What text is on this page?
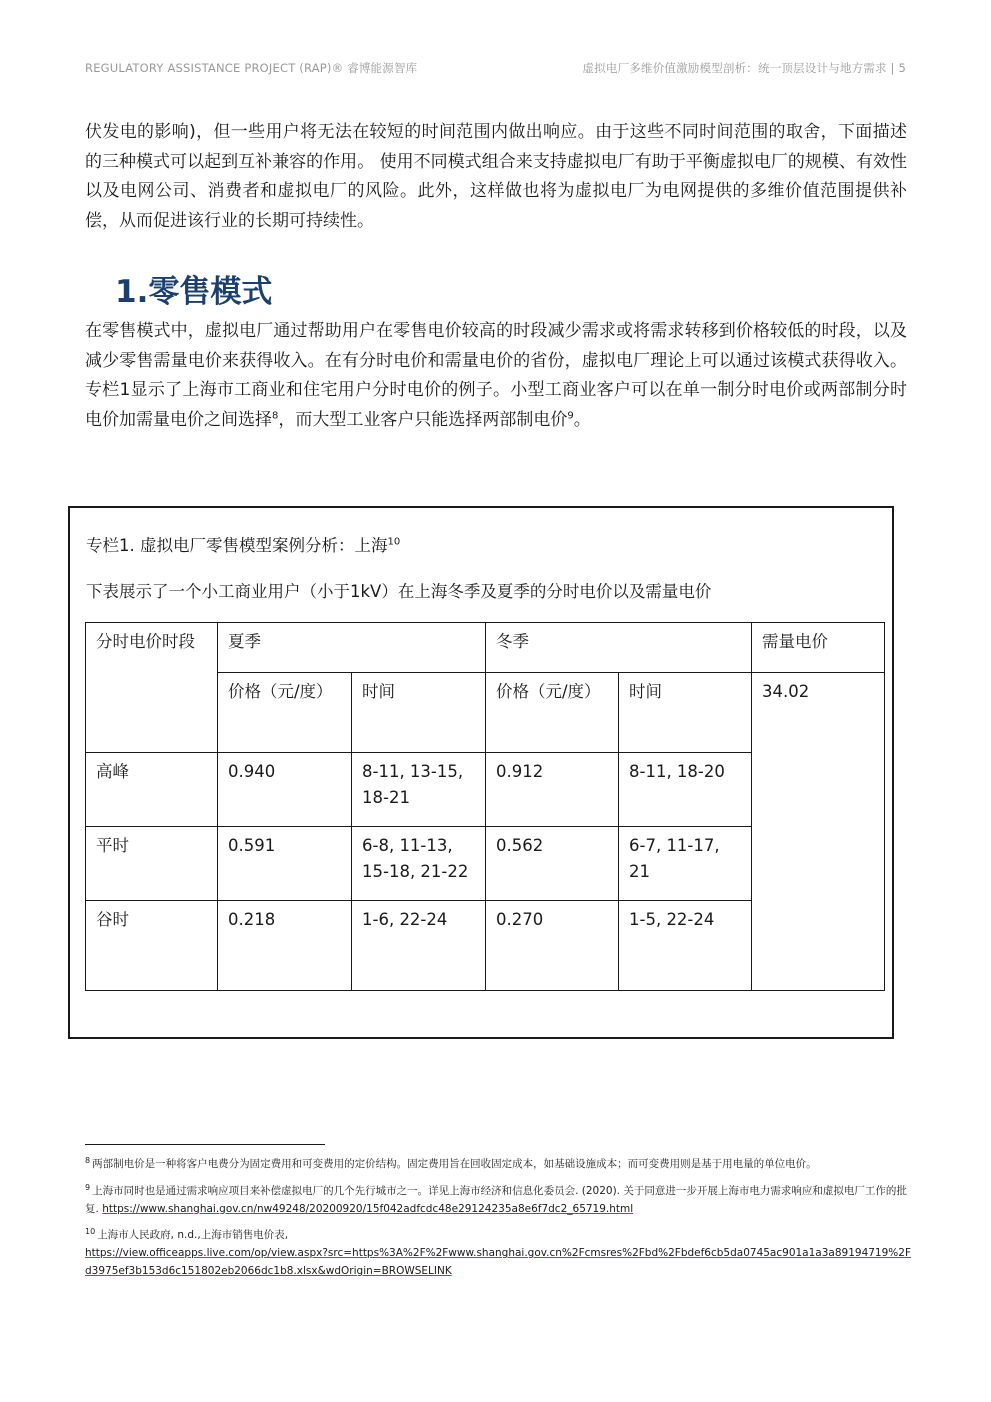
REGULATORY ASSISTANCE PROJECT (RAP)® 睿博能源智库	虚拟电厂多维价值激励模型剖析：统一顶层设计与地方需求 | 5

伏发电的影响)，但一些用户将无法在较短的时间范围内做出响应。由于这些不同时间范围的取舍，下面描述的三种模式可以起到互补兼容的作用。 使用不同模式组合来支持虚拟电厂有助于平衡虚拟电厂的规模、有效性以及电网公司、消费者和虚拟电厂的风险。此外，这样做也将为虚拟电厂为电网提供的多维价值范围提供补偿，从而促进该行业的长期可持续性。

1.零售模式

在零售模式中，虚拟电厂通过帮助用户在零售电价较高的时段减少需求或将需求转移到价格较低的时段，以及减少零售需量电价来获得收入。在有分时电价和需量电价的省份，虚拟电厂理论上可以通过该模式获得收入。专栏1显示了上海市工商业和住宅用户分时电价的例子。小型工商业客户可以在单一制分时电价或两部制分时电价加需量电价之间选择$^8$，而大型工业客户只能选择两部制电价$^9$。

专栏1. 虚拟电厂零售模型案例分析：上海$^{10}$
下表展示了一个小工商业用户（小于1kV）在上海冬季及夏季的分时电价以及需量电价
分时电价时段	夏季		冬季		需量电价
	价格（元/度）	时间	价格（元/度）	时间	34.02
高峰	0.940	8-11, 13-15, 18-21	0.912	8-11, 18-20	
平时	0.591	6-8, 11-13, 15-18, 21-22	0.562	6-7, 11-17, 21	
谷时	0.218	1-6, 22-24	0.270	1-5, 22-24	

$^8$ 两部制电价是一种将客户电费分为固定费用和可变费用的定价结构。固定费用旨在回收固定成本，如基础设施成本；而可变费用则是基于用电量的单位电价。

$^9$ 上海市同时也是通过需求响应项目来补偿虚拟电厂的几个先行城市之一。详见上海市经济和信息化委员会. (2020). 关于同意进一步开展上海市电力需求响应和虚拟电厂工作的批复. https://www.shanghai.gov.cn/nw49248/20200920/15f042adfcdc48e29124235a8e6f7dc2_65719.html

$^{10}$ 上海市人民政府, n.d.,上海市销售电价表,
https://view.officeapps.live.com/op/view.aspx?src=https%3A%2F%2Fwww.shanghai.gov.cn%2Fcmsres%2Fbd%2Fbdef6cb5da0745ac901a1a3a89194719%2Fd3975ef3b153d6c151802eb2066dc1b8.xlsx&wdOrigin=BROWSELINK
